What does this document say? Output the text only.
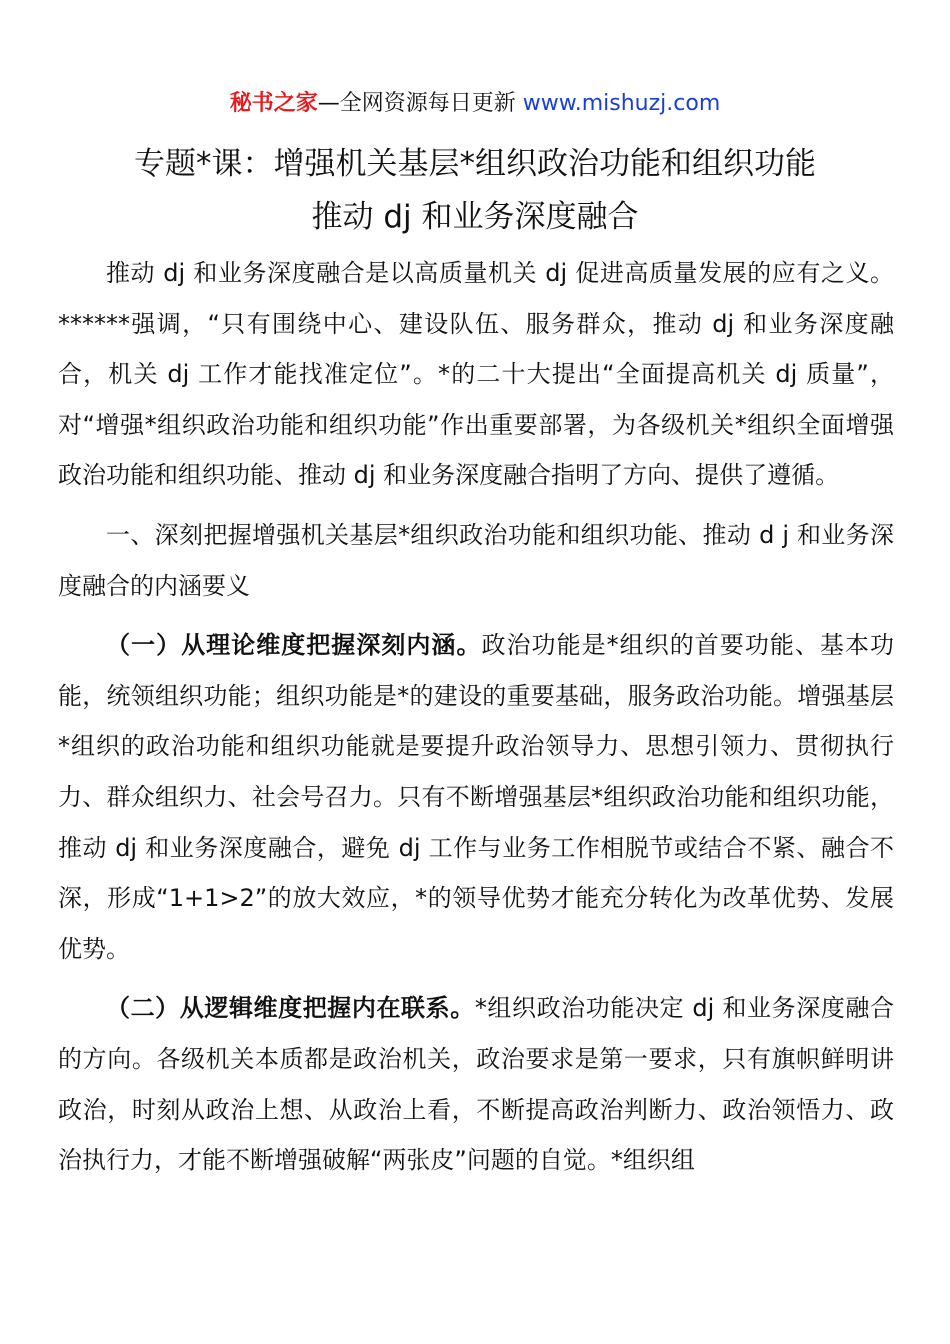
秘书之家—全网资源每日更新 www.mishuzj.com
专题*课：增强机关基层*组织政治功能和组织功能
推动 dj 和业务深度融合

推动 dj 和业务深度融合是以高质量机关 dj 促进高质量发展的应有之义。******强调，“只有围绕中心、建设队伍、服务群众，推动 dj 和业务深度融合，机关 dj 工作才能找准定位”。*的二十大提出“全面提高机关 dj 质量”，对“增强*组织政治功能和组织功能”作出重要部署，为各级机关*组织全面增强政治功能和组织功能、推动 dj 和业务深度融合指明了方向、提供了遵循。

一、深刻把握增强机关基层*组织政治功能和组织功能、推动 d j 和业务深度融合的内涵要义

（一）从理论维度把握深刻内涵。政治功能是*组织的首要功能、基本功能，统领组织功能；组织功能是*的建设的重要基础，服务政治功能。增强基层*组织的政治功能和组织功能就是要提升政治领导力、思想引领力、贯彻执行力、群众组织力、社会号召力。只有不断增强基层*组织政治功能和组织功能，推动 dj 和业务深度融合，避免 dj 工作与业务工作相脱节或结合不紧、融合不深，形成“1+1>2”的放大效应，*的领导优势才能充分转化为改革优势、发展优势。

（二）从逻辑维度把握内在联系。*组织政治功能决定 dj 和业务深度融合的方向。各级机关本质都是政治机关，政治要求是第一要求，只有旗帜鲜明讲政治，时刻从政治上想、从政治上看，不断提高政治判断力、政治领悟力、政治执行力，才能不断增强破解“两张皮”问题的自觉。*组织组
